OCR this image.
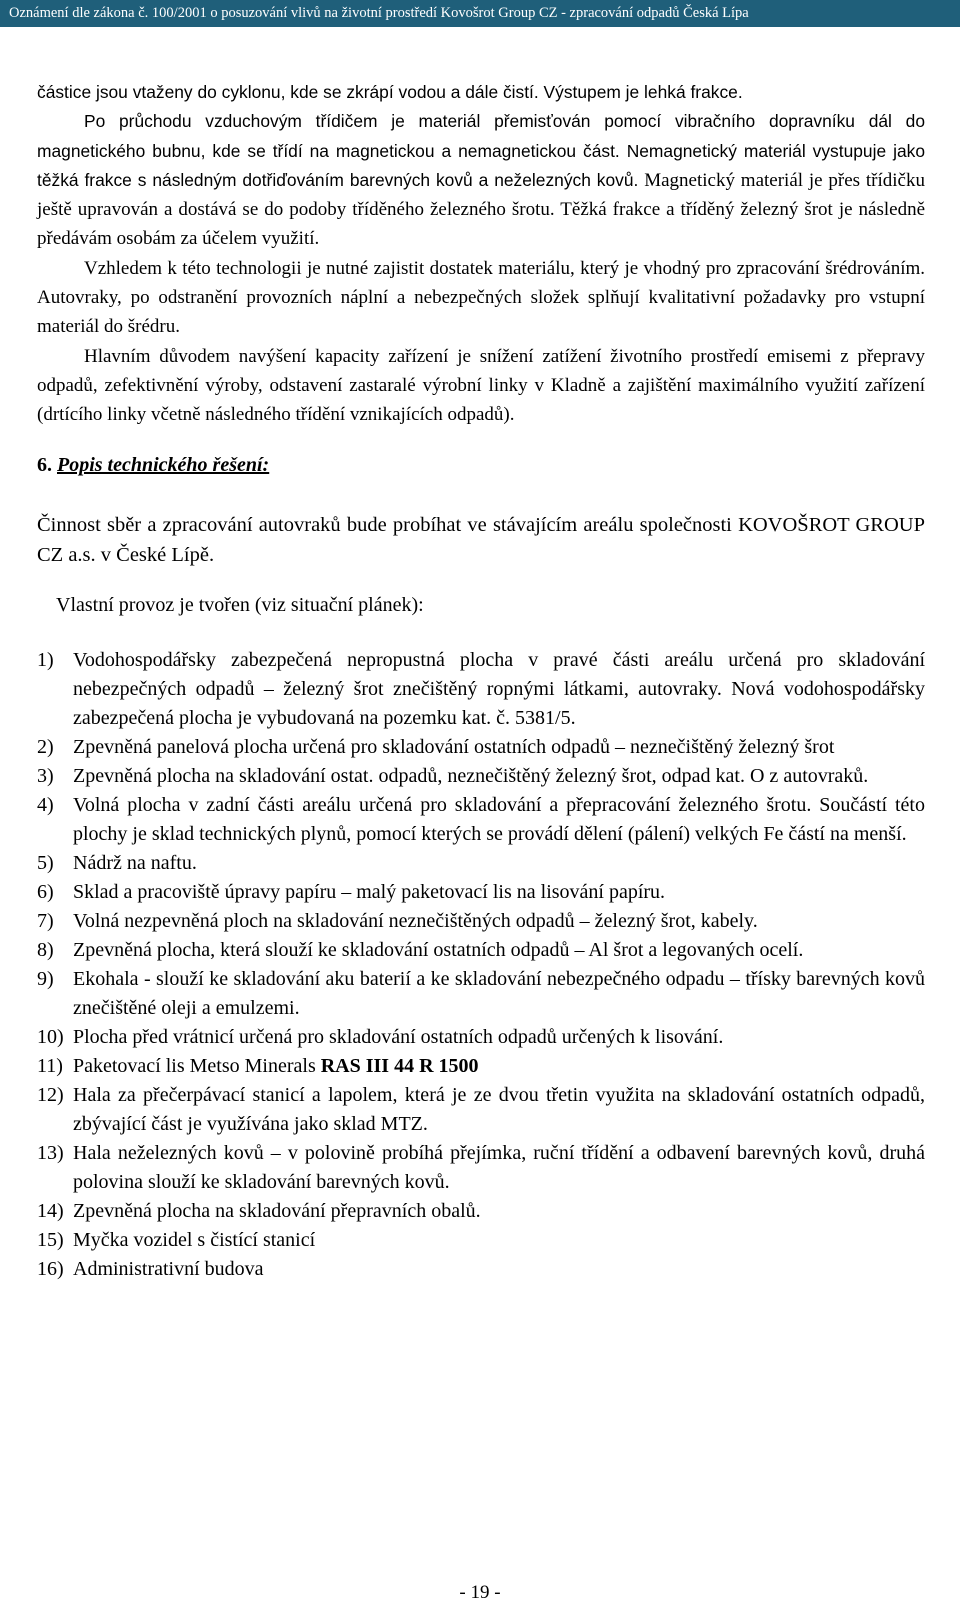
Oznámení dle zákona č. 100/2001 o posuzování vlivů na životní prostředí Kovošrot Group CZ - zpracování odpadů Česká Lípa

částice jsou vtaženy do cyklonu, kde se zkrápí vodou a dále čistí. Výstupem je lehká frakce.

Po průchodu vzduchovým třídičem je materiál přemisťován pomocí vibračního dopravníku dál do magnetického bubnu, kde se třídí na magnetickou a nemagnetickou část. Nemagnetický materiál vystupuje jako těžká frakce s následným dotřiďováním barevných kovů a neželezných kovů. Magnetický materiál je přes třídičku ještě upravován a dostává se do podoby tříděného železného šrotu. Těžká frakce a tříděný železný šrot je následně předávám osobám za účelem využití.

Vzhledem k této technologii je nutné zajistit dostatek materiálu, který je vhodný pro zpracování šrédrováním. Autovraky, po odstranění provozních náplní a nebezpečných složek splňují kvalitativní požadavky pro vstupní materiál do šrédru.

Hlavním důvodem navýšení kapacity zařízení je snížení zatížení životního prostředí emisemi z přepravy odpadů, zefektivnění výroby, odstavení zastaralé výrobní linky v Kladně a zajištění maximálního využití zařízení (drtícího linky včetně následného třídění vznikajících odpadů).

6. Popis technického řešení:

Činnost sběr a zpracování autovraků bude probíhat ve stávajícím areálu společnosti KOVOŠROT GROUP CZ a.s. v České Lípě.

Vlastní provoz je tvořen (viz situační plánek):

1) Vodohospodářsky zabezpečená nepropustná plocha v pravé části areálu určená pro skladování nebezpečných odpadů – železný šrot znečištěný ropnými látkami, autovraky. Nová vodohospodářsky zabezpečená plocha je vybudovaná na pozemku kat. č. 5381/5.
2) Zpevněná panelová plocha určená pro skladování ostatních odpadů – neznečištěný železný šrot
3) Zpevněná plocha na skladování ostat. odpadů, neznečištěný železný šrot, odpad kat. O z autovraků.
4) Volná plocha v zadní části areálu určená pro skladování a přepracování železného šrotu. Součástí této plochy je sklad technických plynů, pomocí kterých se provádí dělení (pálení) velkých Fe částí na menší.
5) Nádrž na naftu.
6) Sklad a pracoviště úpravy papíru – malý paketovací lis na lisování papíru.
7) Volná nezpevněná ploch na skladování neznečištěných odpadů – železný šrot, kabely.
8) Zpevněná plocha, která slouží ke skladování ostatních odpadů – Al šrot a legovaných ocelí.
9) Ekohala - slouží ke skladování aku baterií a ke skladování nebezpečného odpadu – třísky barevných kovů znečištěné oleji a emulzemi.
10) Plocha před vrátnicí určená pro skladování ostatních odpadů určených k lisování.
11) Paketovací lis Metso Minerals RAS III 44 R 1500
12) Hala za přečerpávací stanicí a lapolem, která je ze dvou třetin využita na skladování ostatních odpadů, zbývající část je využívána jako sklad MTZ.
13) Hala neželezných kovů – v polovině probíhá přejímka, ruční třídění a odbavení barevných kovů, druhá polovina slouží ke skladování barevných kovů.
14) Zpevněná plocha na skladování přepravních obalů.
15) Myčka vozidel s čistící stanicí
16) Administrativní budova
- 19 -
